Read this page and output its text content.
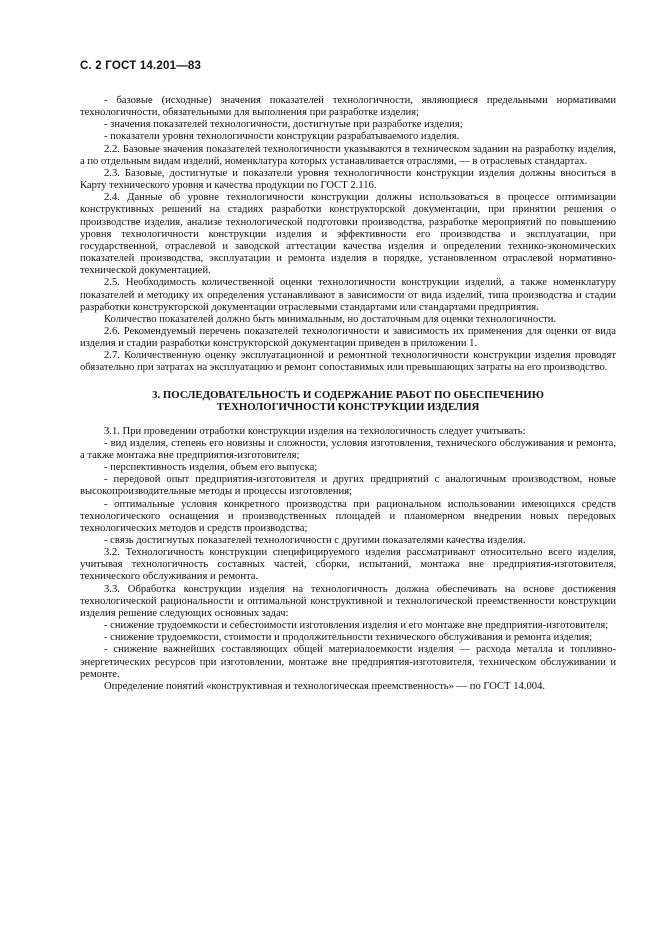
С. 2 ГОСТ 14.201—83

- базовые (исходные) значения показателей технологичности, являющиеся предельными нормативами технологичности, обязательными для выполнения при разработке изделия;

- значения показателей технологичности, достигнутые при разработке изделия;

- показатели уровня технологичности конструкции разрабатываемого изделия.

2.2. Базовые значения показателей технологичности указываются в техническом задании на разработку изделия, а по отдельным видам изделий, номенклатура которых устанавливается отраслями, — в отраслевых стандартах.

2.3. Базовые, достигнутые и показатели уровня технологичности конструкции изделия должны вноситься в Карту технического уровня и качества продукции по ГОСТ 2.116.

2.4. Данные об уровне технологичности конструкции должны использоваться в процессе оптимизации конструктивных решений на стадиях разработки конструкторской документации, при принятии решения о производстве изделия, анализе технологической подготовки производства, разработке мероприятий по повышению уровня технологичности конструкции изделия и эффективности его производства и эксплуатации, при государственной, отраслевой и заводской аттестации качества изделия и определении технико-экономических показателей производства, эксплуатации и ремонта изделия в порядке, установленном отраслевой нормативно-технической документацией.

2.5. Необходимость количественной оценки технологичности конструкции изделий, а также номенклатуру показателей и методику их определения устанавливают в зависимости от вида изделий, типа производства и стадии разработки конструкторской документации отраслевыми стандартами или стандартами предприятия.

Количество показателей должно быть минимальным, но достаточным для оценки технологичности.

2.6. Рекомендуемый перечень показателей технологичности и зависимость их применения для оценки от вида изделия и стадии разработки конструкторской документации приведен в приложении 1.

2.7. Количественную оценку эксплуатационной и ремонтной технологичности конструкции изделия проводят обязательно при затратах на эксплуатацию и ремонт сопоставимых или превышающих затраты на его производство.

3. ПОСЛЕДОВАТЕЛЬНОСТЬ И СОДЕРЖАНИЕ РАБОТ ПО ОБЕСПЕЧЕНИЮ
ТЕХНОЛОГИЧНОСТИ КОНСТРУКЦИИ ИЗДЕЛИЯ

3.1. При проведении отработки конструкции изделия на технологичность следует учитывать:

- вид изделия, степень его новизны и сложности, условия изготовления, технического обслуживания и ремонта, а также монтажа вне предприятия-изготовителя;

- перспективность изделия, объем его выпуска;

- передовой опыт предприятия-изготовителя и других предприятий с аналогичным производством, новые высокопроизводительные методы и процессы изготовления;

- оптимальные условия конкретного производства при рациональном использовании имеющихся средств технологического оснащения и производственных площадей и планомерном внедрении новых передовых технологических методов и средств производства;

- связь достигнутых показателей технологичности с другими показателями качества изделия.

3.2. Технологичность конструкции специфицируемого изделия рассматривают относительно всего изделия, учитывая технологичность составных частей, сборки, испытаний, монтажа вне предприятия-изготовителя, технического обслуживания и ремонта.

3.3. Обработка конструкции изделия на технологичность должна обеспечивать на основе достижения технологической рациональности и оптимальной конструктивной и технологической преемственности конструкции изделия решение следующих основных задач:

- снижение трудоемкости и себестоимости изготовления изделия и его монтаже вне предприятия-изготовителя;

- снижение трудоемкости, стоимости и продолжительности технического обслуживания и ремонта изделия;

- снижение важнейших составляющих общей материалоемкости изделия — расхода металла и топливно-энергетических ресурсов при изготовлении, монтаже вне предприятия-изготовителя, техническом обслуживании и ремонте.

Определение понятий «конструктивная и технологическая преемственность» — по ГОСТ 14.004.
